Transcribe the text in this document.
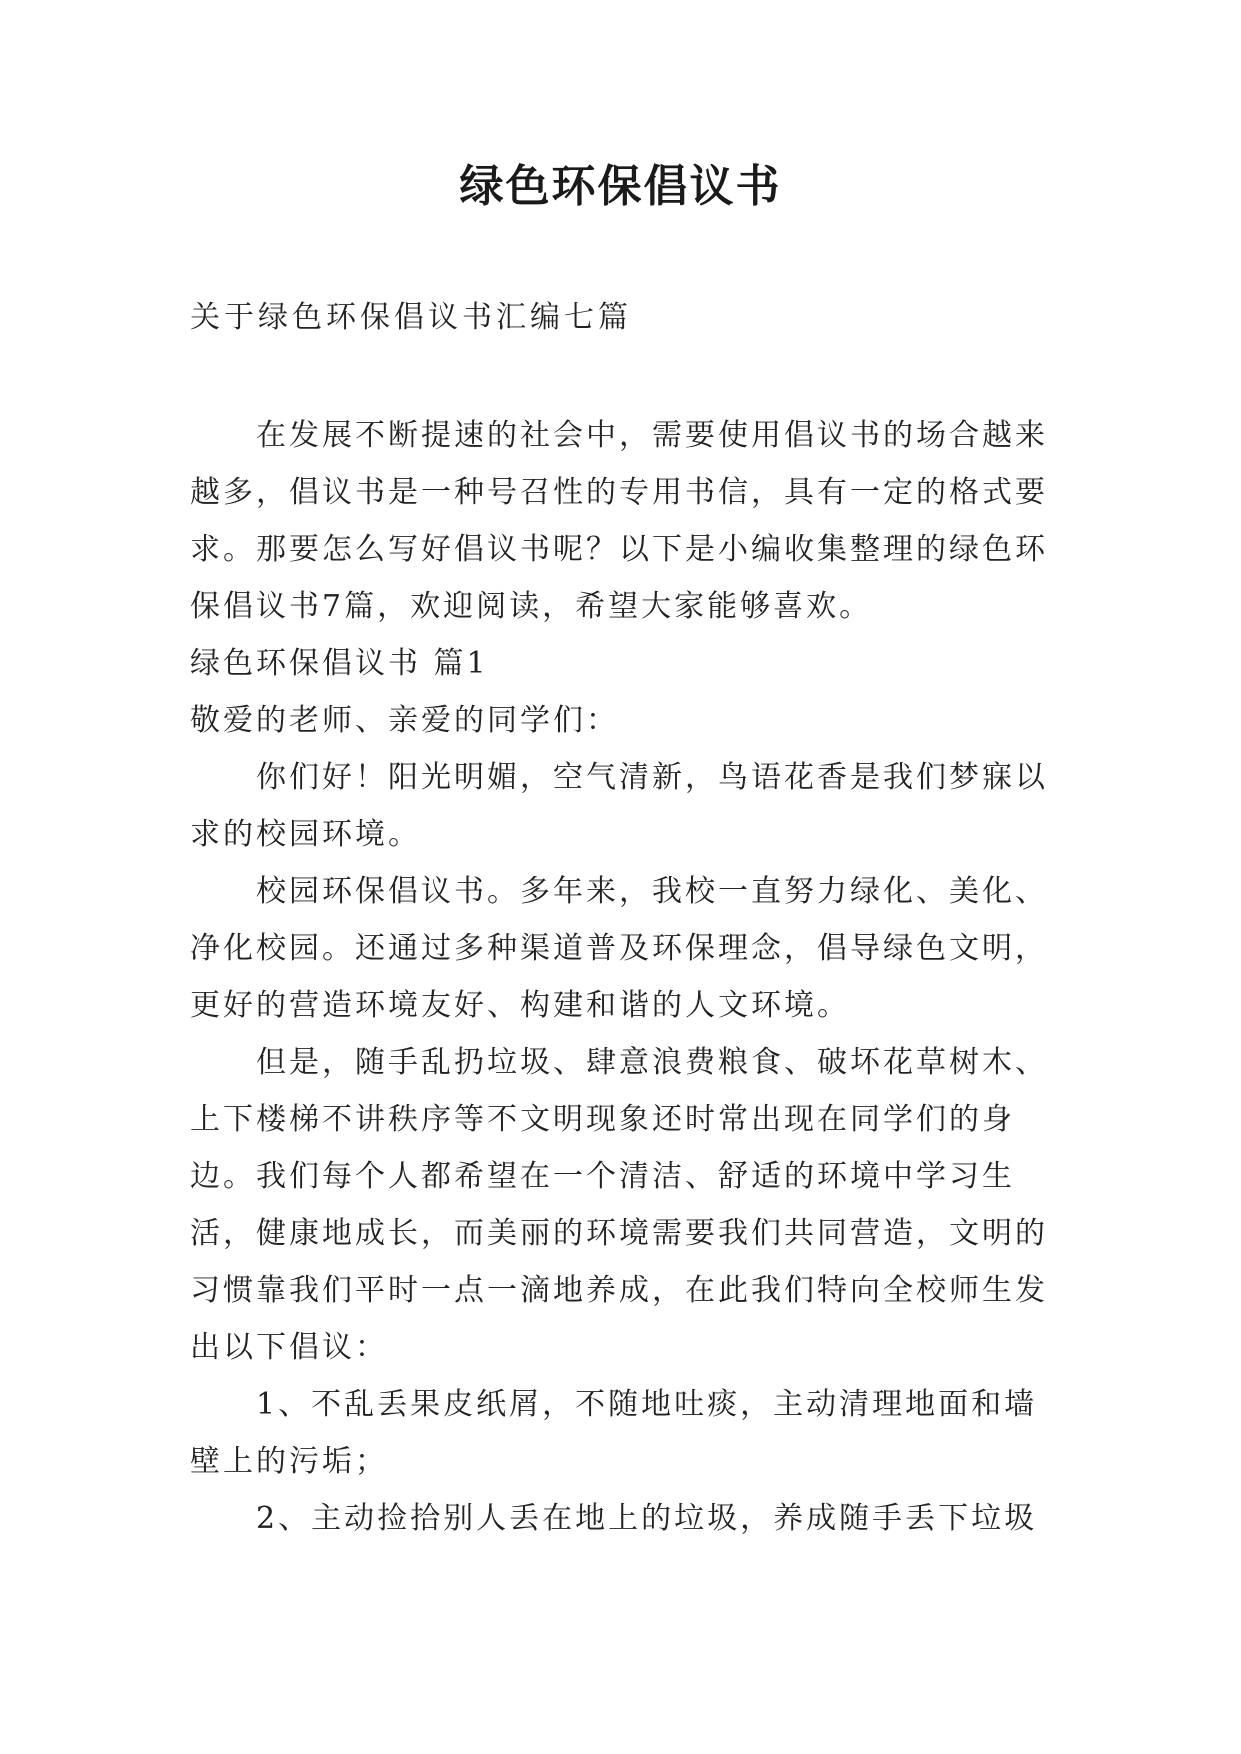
绿色环保倡议书
关于绿色环保倡议书汇编七篇

在发展不断提速的社会中，需要使用倡议书的场合越来越多，倡议书是一种号召性的专用书信，具有一定的格式要求。那要怎么写好倡议书呢？以下是小编收集整理的绿色环保倡议书7篇，欢迎阅读，希望大家能够喜欢。

绿色环保倡议书 篇1

敬爱的老师、亲爱的同学们：

你们好！阳光明媚，空气清新，鸟语花香是我们梦寐以求的校园环境。

校园环保倡议书。多年来，我校一直努力绿化、美化、净化校园。还通过多种渠道普及环保理念，倡导绿色文明，更好的营造环境友好、构建和谐的人文环境。

但是，随手乱扔垃圾、肆意浪费粮食、破坏花草树木、上下楼梯不讲秩序等不文明现象还时常出现在同学们的身边。我们每个人都希望在一个清洁、舒适的环境中学习生活，健康地成长，而美丽的环境需要我们共同营造，文明的习惯靠我们平时一点一滴地养成，在此我们特向全校师生发出以下倡议：

1、不乱丢果皮纸屑，不随地吐痰，主动清理地面和墙壁上的污垢；

2、主动捡拾别人丢在地上的垃圾，养成随手丢下垃圾
